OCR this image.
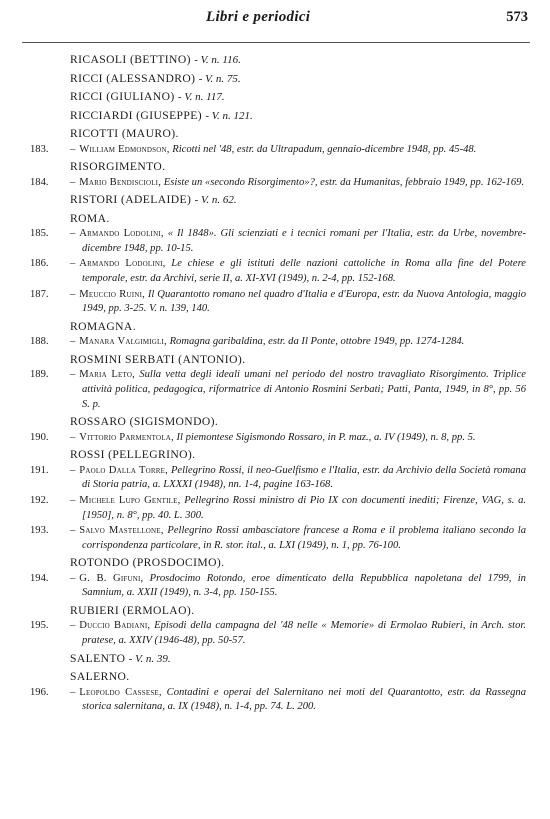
Libri e periodici	573
RICASOLI (BETTINO) - V. n. 116.
RICCI (ALESSANDRO) - V. n. 75.
RICCI (GIULIANO) - V. n. 117.
RICCIARDI (GIUSEPPE) - V. n. 121.
RICOTTI (MAURO).
183. – William Edmondson, Ricotti nel '48, estr. da Ultrapadum, gennaio-dicembre 1948, pp. 45-48.
RISORGIMENTO.
184. – Mario Bendiscioli, Esiste un «secondo Risorgimento»?, estr. da Humanitas, febbraio 1949, pp. 162-169.
RISTORI (ADELAIDE) - V. n. 62.
ROMA.
185. – Armando Lodolini, « Il 1848». Gli scienziati e i tecnici romani per l'Italia, estr. da Urbe, novembre-dicembre 1948, pp. 10-15.
186. – Armando Lodolini, Le chiese e gli istituti delle nazioni cattoliche in Roma alla fine del Potere temporale, estr. da Archivi, serie II, a. XI-XVI (1949), n. 2-4, pp. 152-168.
187. – Meuccio Ruini, Il Quarantotto romano nel quadro d'Italia e d'Europa, estr. da Nuova Antologia, maggio 1949, pp. 3-25. V. n. 139, 140.
ROMAGNA.
188. – Manara Valgimigli, Romagna garibaldina, estr. da Il Ponte, ottobre 1949, pp. 1274-1284.
ROSMINI SERBATI (ANTONIO).
189. – Maria Leto, Sulla vetta degli ideali umani nel periodo del nostro travagliato Risorgimento. Triplice attività politica, pedagogica, riformatrice di Antonio Rosmini Serbati; Patti, Panta, 1949, in 8°, pp. 56 S. p.
ROSSARO (SIGISMONDO).
190. – Vittorio Parmentola, Il piemontese Sigismondo Rossaro, in P. maz., a. IV (1949), n. 8, pp. 5.
ROSSI (PELLEGRINO).
191. – Paolo Dalla Torre, Pellegrino Rossi, il neo-Guelfismo e l'Italia, estr. da Archivio della Società romana di Storia patria, a. LXXXI (1948), nn. 1-4, pagine 163-168.
192. – Michele Lupo Gentile, Pellegrino Rossi ministro di Pio IX con documenti inediti; Firenze, VAG, s. a. [1950], n. 8°, pp. 40. L. 300.
193. – Salvo Mastellone, Pellegrino Rossi ambasciatore francese a Roma e il problema italiano secondo la corrispondenza particolare, in R. stor. ital., a. LXI (1949), n. 1, pp. 76-100.
ROTONDO (PROSDOCIMO).
194. – G. B. Gifuni, Prosdocimo Rotondo, eroe dimenticato della Repubblica napoletana del 1799, in Samnium, a. XXII (1949), n. 3-4, pp. 150-155.
RUBIERI (ERMOLAO).
195. – Duccio Badiani, Episodi della campagna del '48 nelle « Memorie» di Ermolao Rubieri, in Arch. stor. pratese, a. XXIV (1946-48), pp. 50-57.
SALENTO - V. n. 39.
SALERNO.
196. – Leopoldo Cassese, Contadini e operai del Salernitano nei moti del Quarantotto, estr. da Rassegna storica salernitana, a. IX (1948), n. 1-4, pp. 74. L. 200.
